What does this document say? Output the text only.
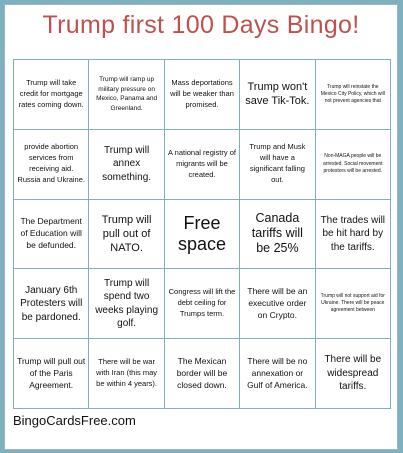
Trump first 100 Days Bingo!
Trump will take credit for mortgage rates coming down.
Trump will ramp up military pressure on Mexico, Panama and Greenland.
Mass deportations will be weaker than promised.
Trump won't save Tik-Tok.
Trump will reinstate the Mexico City Policy, which will not prevent agencies that
provide abortion services from receiving aid. Russia and Ukraine.
Trump will annex something.
A national registry of migrants will be created.
Trump and Musk will have a significant falling out.
Non-MAGA people will be arrested. Social movement protestors will be arrested.
The Department of Education will be defunded.
Trump will pull out of NATO.
Free space
Canada tariffs will be 25%
The trades will be hit hard by the tariffs.
January 6th Protesters will be pardoned.
Trump will spend two weeks playing golf.
Congress will lift the debt ceiling for Trumps term.
There will be an executive order on Crypto.
Trump will not support aid for Ukraine. There will be peace agreement between
Trump will pull out of the Paris Agreement.
There will be war with Iran (this may be within 4 years).
The Mexican border will be closed down.
There will be no annexation or Gulf of America.
There will be widespread tariffs.
BingoCardsFree.com
